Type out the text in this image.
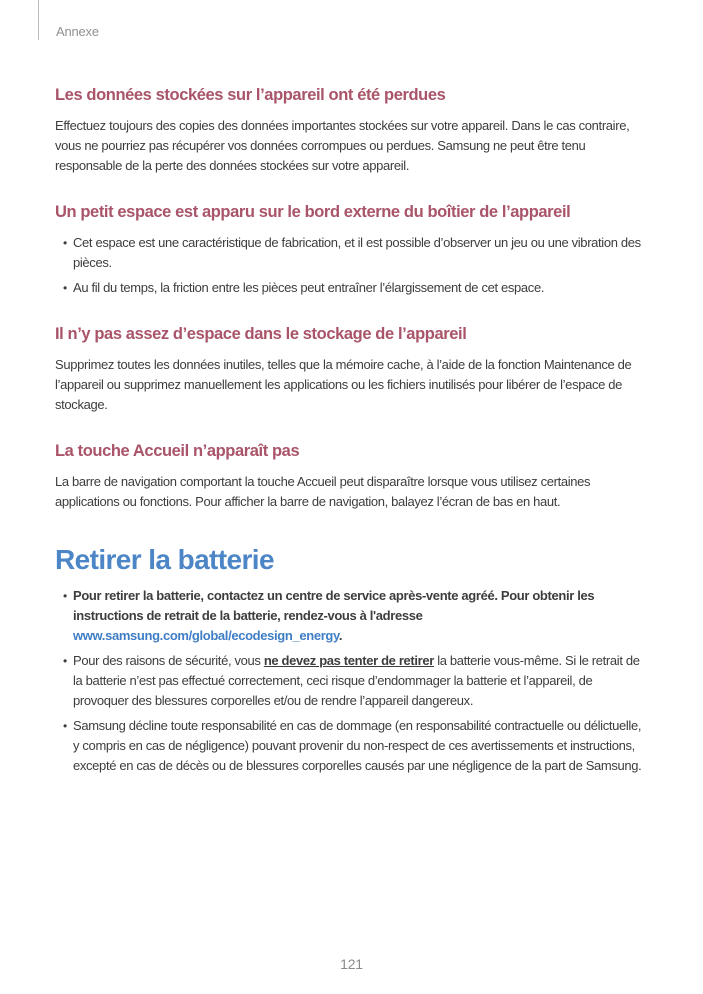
Annexe
Les données stockées sur l’appareil ont été perdues

Effectuez toujours des copies des données importantes stockées sur votre appareil. Dans le cas contraire, vous ne pourriez pas récupérer vos données corrompues ou perdues. Samsung ne peut être tenu responsable de la perte des données stockées sur votre appareil.

Un petit espace est apparu sur le bord externe du boîtier de l’appareil
• Cet espace est une caractéristique de fabrication, et il est possible d’observer un jeu ou une vibration des pièces.
• Au fil du temps, la friction entre les pièces peut entraîner l’élargissement de cet espace.
Il n’y pas assez d’espace dans le stockage de l’appareil

Supprimez toutes les données inutiles, telles que la mémoire cache, à l’aide de la fonction Maintenance de l’appareil ou supprimez manuellement les applications ou les fichiers inutilisés pour libérer de l’espace de stockage.

La touche Accueil n’apparaît pas

La barre de navigation comportant la touche Accueil peut disparaître lorsque vous utilisez certaines applications ou fonctions. Pour afficher la barre de navigation, balayez l’écran de bas en haut.

Retirer la batterie
• Pour retirer la batterie, contactez un centre de service après-vente agréé. Pour obtenir les instructions de retrait de la batterie, rendez-vous à l'adresse www.samsung.com/global/ecodesign_energy.
• Pour des raisons de sécurité, vous ne devez pas tenter de retirer la batterie vous-même. Si le retrait de la batterie n’est pas effectué correctement, ceci risque d’endommager la batterie et l’appareil, de provoquer des blessures corporelles et/ou de rendre l’appareil dangereux.
• Samsung décline toute responsabilité en cas de dommage (en responsabilité contractuelle ou délictuelle, y compris en cas de négligence) pouvant provenir du non-respect de ces avertissements et instructions, excepté en cas de décès ou de blessures corporelles causés par une négligence de la part de Samsung.
121
